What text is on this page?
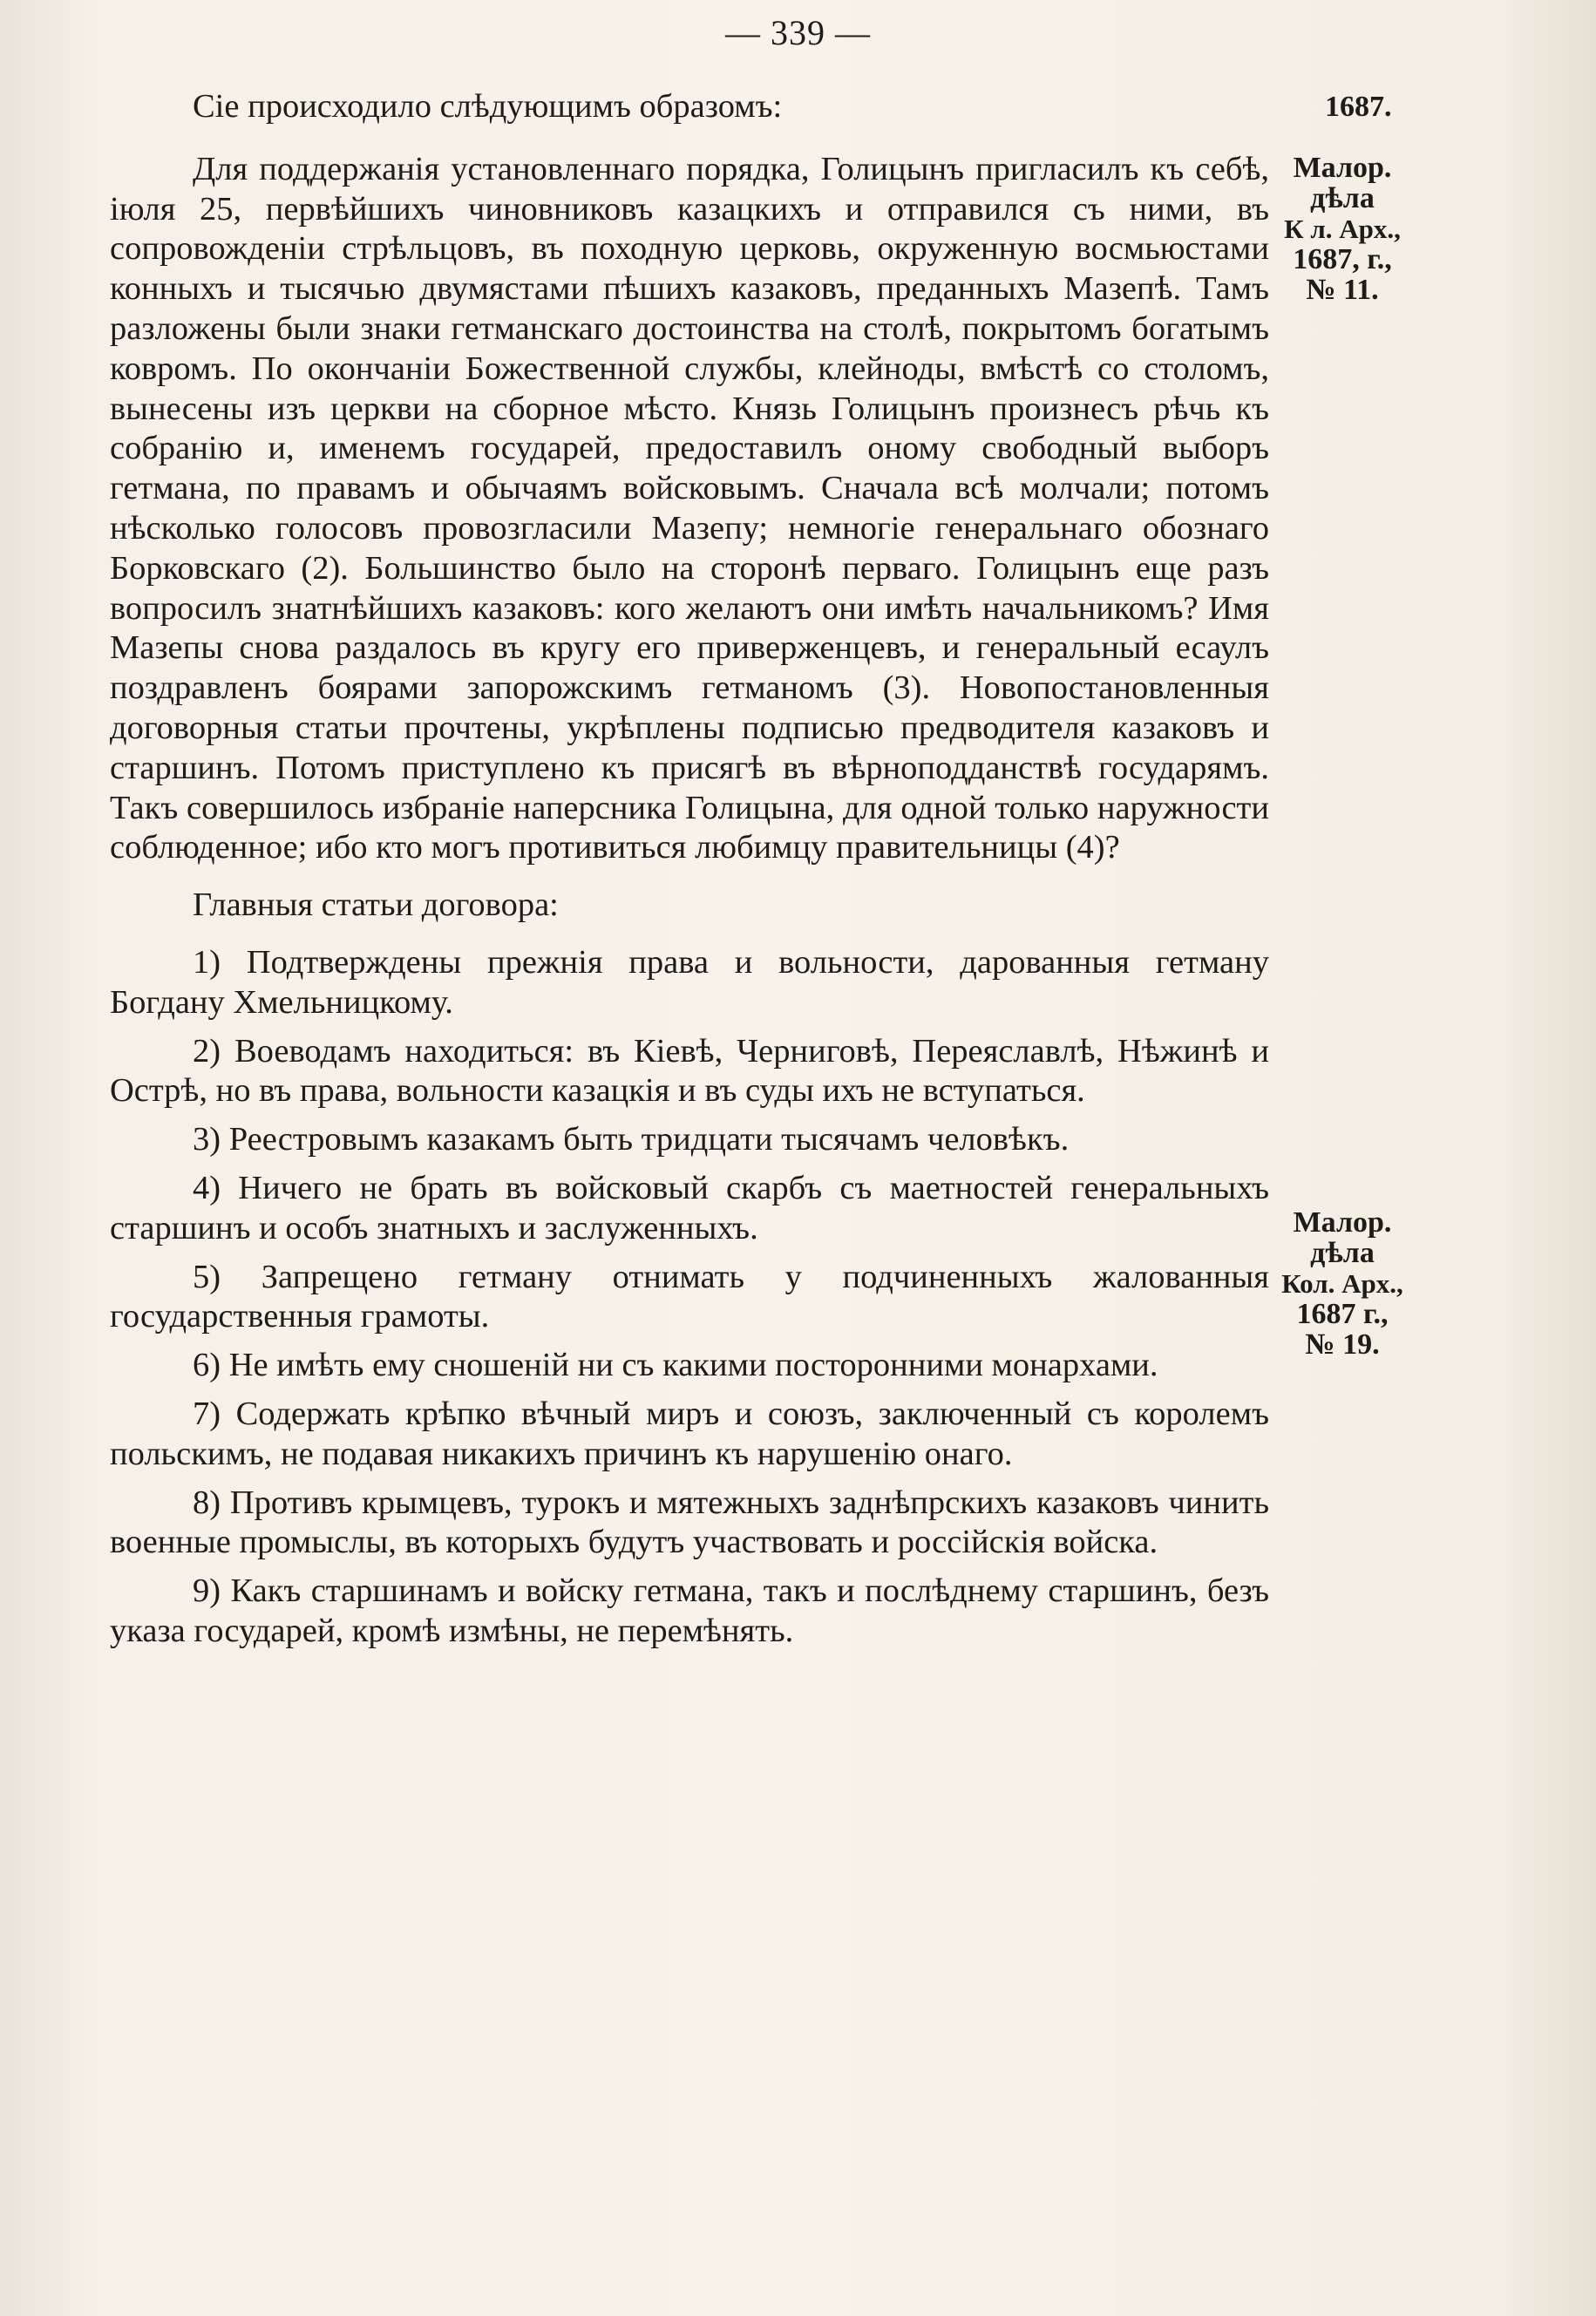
— 339 —
1687.
Малор.
дѣла
К л. Арх.,
1687, г.,
№ 11.
Малор.
дѣла
Кол. Арх.,
1687 г.,
№ 19.

Сіе происходило слѣдующимъ образомъ:

Для поддержанія установленнаго порядка, Голицынъ пригласилъ къ себѣ, іюля 25, первѣйшихъ чиновниковъ казацкихъ и отправился съ ними, въ сопровожденіи стрѣльцовъ, въ походную церковь, окруженную восмьюстами конныхъ и тысячью двумястами пѣшихъ казаковъ, преданныхъ Мазепѣ. Тамъ разложены были знаки гетманскаго достоинства на столѣ, покрытомъ богатымъ ковромъ. По окончаніи Божественной службы, клейноды, вмѣстѣ со столомъ, вынесены изъ церкви на сборное мѣсто. Князь Голицынъ произнесъ рѣчь къ собранію и, именемъ государей, предоставилъ оному свободный выборъ гетмана, по правамъ и обычаямъ войсковымъ. Сначала всѣ молчали; потомъ нѣсколько голосовъ провозгласили Мазепу; немногіе генеральнаго обознаго Борковскаго (2). Большинство было на сторонѣ перваго. Голицынъ еще разъ вопросилъ знатнѣйшихъ казаковъ: кого желаютъ они имѣть начальникомъ? Имя Мазепы снова раздалось въ кругу его приверженцевъ, и генеральный есаулъ поздравленъ боярами запорожскимъ гетманомъ (3). Новопостановленныя договорныя статьи прочтены, укрѣплены подписью предводителя казаковъ и старшинъ. Потомъ приступлено къ присягѣ въ вѣрноподданствѣ государямъ. Такъ совершилось избраніе наперсника Голицына, для одной только наружности соблюденное; ибо кто могъ противиться любимцу правительницы (4)?

Главныя статьи договора:

1) Подтверждены прежнія права и вольности, дарованныя гетману Богдану Хмельницкому.

2) Воеводамъ находиться: въ Кіевѣ, Черниговѣ, Переяславлѣ, Нѣжинѣ и Острѣ, но въ права, вольности казацкія и въ суды ихъ не вступаться.

3) Реестровымъ казакамъ быть тридцати тысячамъ человѣкъ.

4) Ничего не брать въ войсковый скарбъ съ маетностей генеральныхъ старшинъ и особъ знатныхъ и заслуженныхъ.

5) Запрещено гетману отнимать у подчиненныхъ жалованныя государственныя грамоты.

6) Не имѣть ему сношеній ни съ какими посторонними монархами.

7) Содержать крѣпко вѣчный миръ и союзъ, заключенный съ королемъ польскимъ, не подавая никакихъ причинъ къ нарушенію онаго.

8) Противъ крымцевъ, турокъ и мятежныхъ заднѣпрскихъ казаковъ чинить военные промыслы, въ которыхъ будутъ участвовать и россійскія войска.

9) Какъ старшинамъ и войску гетмана, такъ и послѣднему старшинъ, безъ указа государей, кромѣ измѣны, не перемѣнять.
